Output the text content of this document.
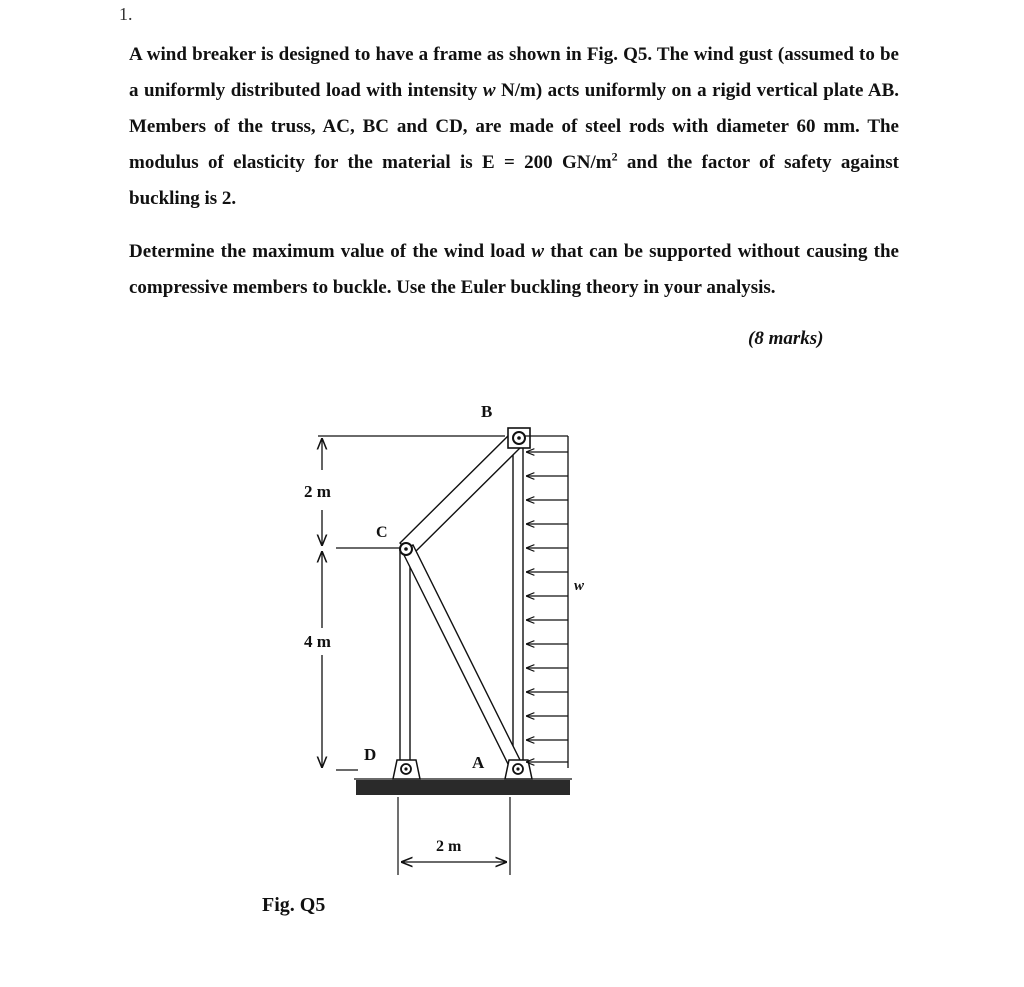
1.

A wind breaker is designed to have a frame as shown in Fig. Q5. The wind gust (assumed to be a uniformly distributed load with intensity w N/m) acts uniformly on a rigid vertical plate AB. Members of the truss, AC, BC and CD, are made of steel rods with diameter 60 mm. The modulus of elasticity for the material is E = 200 $GN/m^2$ and the factor of safety against buckling is 2.

Determine the maximum value of the wind load w that can be supported without causing the compressive members to buckle. Use the Euler buckling theory in your analysis.

(8 marks)
2 m
4 m
w
B
C
D	A
2 m
Fig. Q5
